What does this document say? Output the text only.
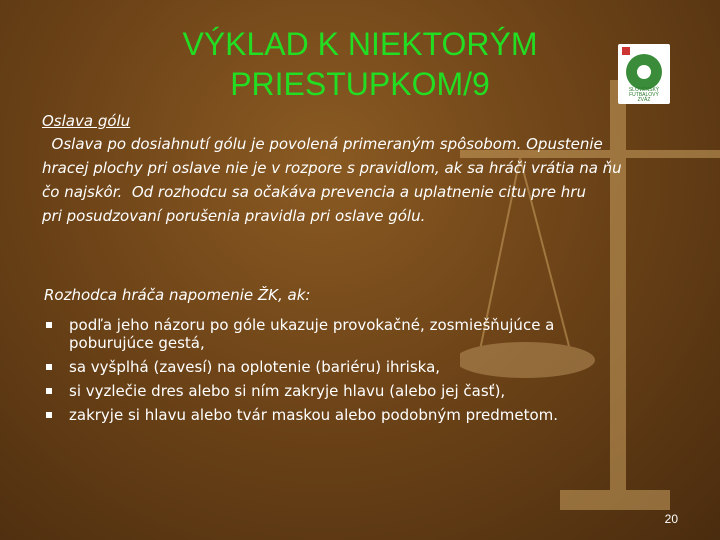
VÝKLAD K NIEKTORÝM
PRIESTUPKOM/9	SLOVENSKÝ
FUTBALOVÝ
ZVÄZ
Oslava gólu
Oslava po dosiahnutí gólu je povolená primeraným spôsobom. Opustenie
hracej plochy pri oslave nie je v rozpore s pravidlom, ak sa hráči vrátia na ňu
čo najskôr.  Od rozhodcu sa očakáva prevencia a uplatnenie citu pre hru
pri posudzovaní porušenia pravidla pri oslave gólu.
Rozhodca hráča napomenie ŽK, ak:
podľa jeho názoru po góle ukazuje provokačné, zosmiešňujúce a poburujúce gestá,
sa vyšplhá (zavesí) na oplotenie (bariéru) ihriska,
si vyzlečie dres alebo si ním zakryje hlavu (alebo jej časť),
zakryje si hlavu alebo tvár maskou alebo podobným predmetom.
20
